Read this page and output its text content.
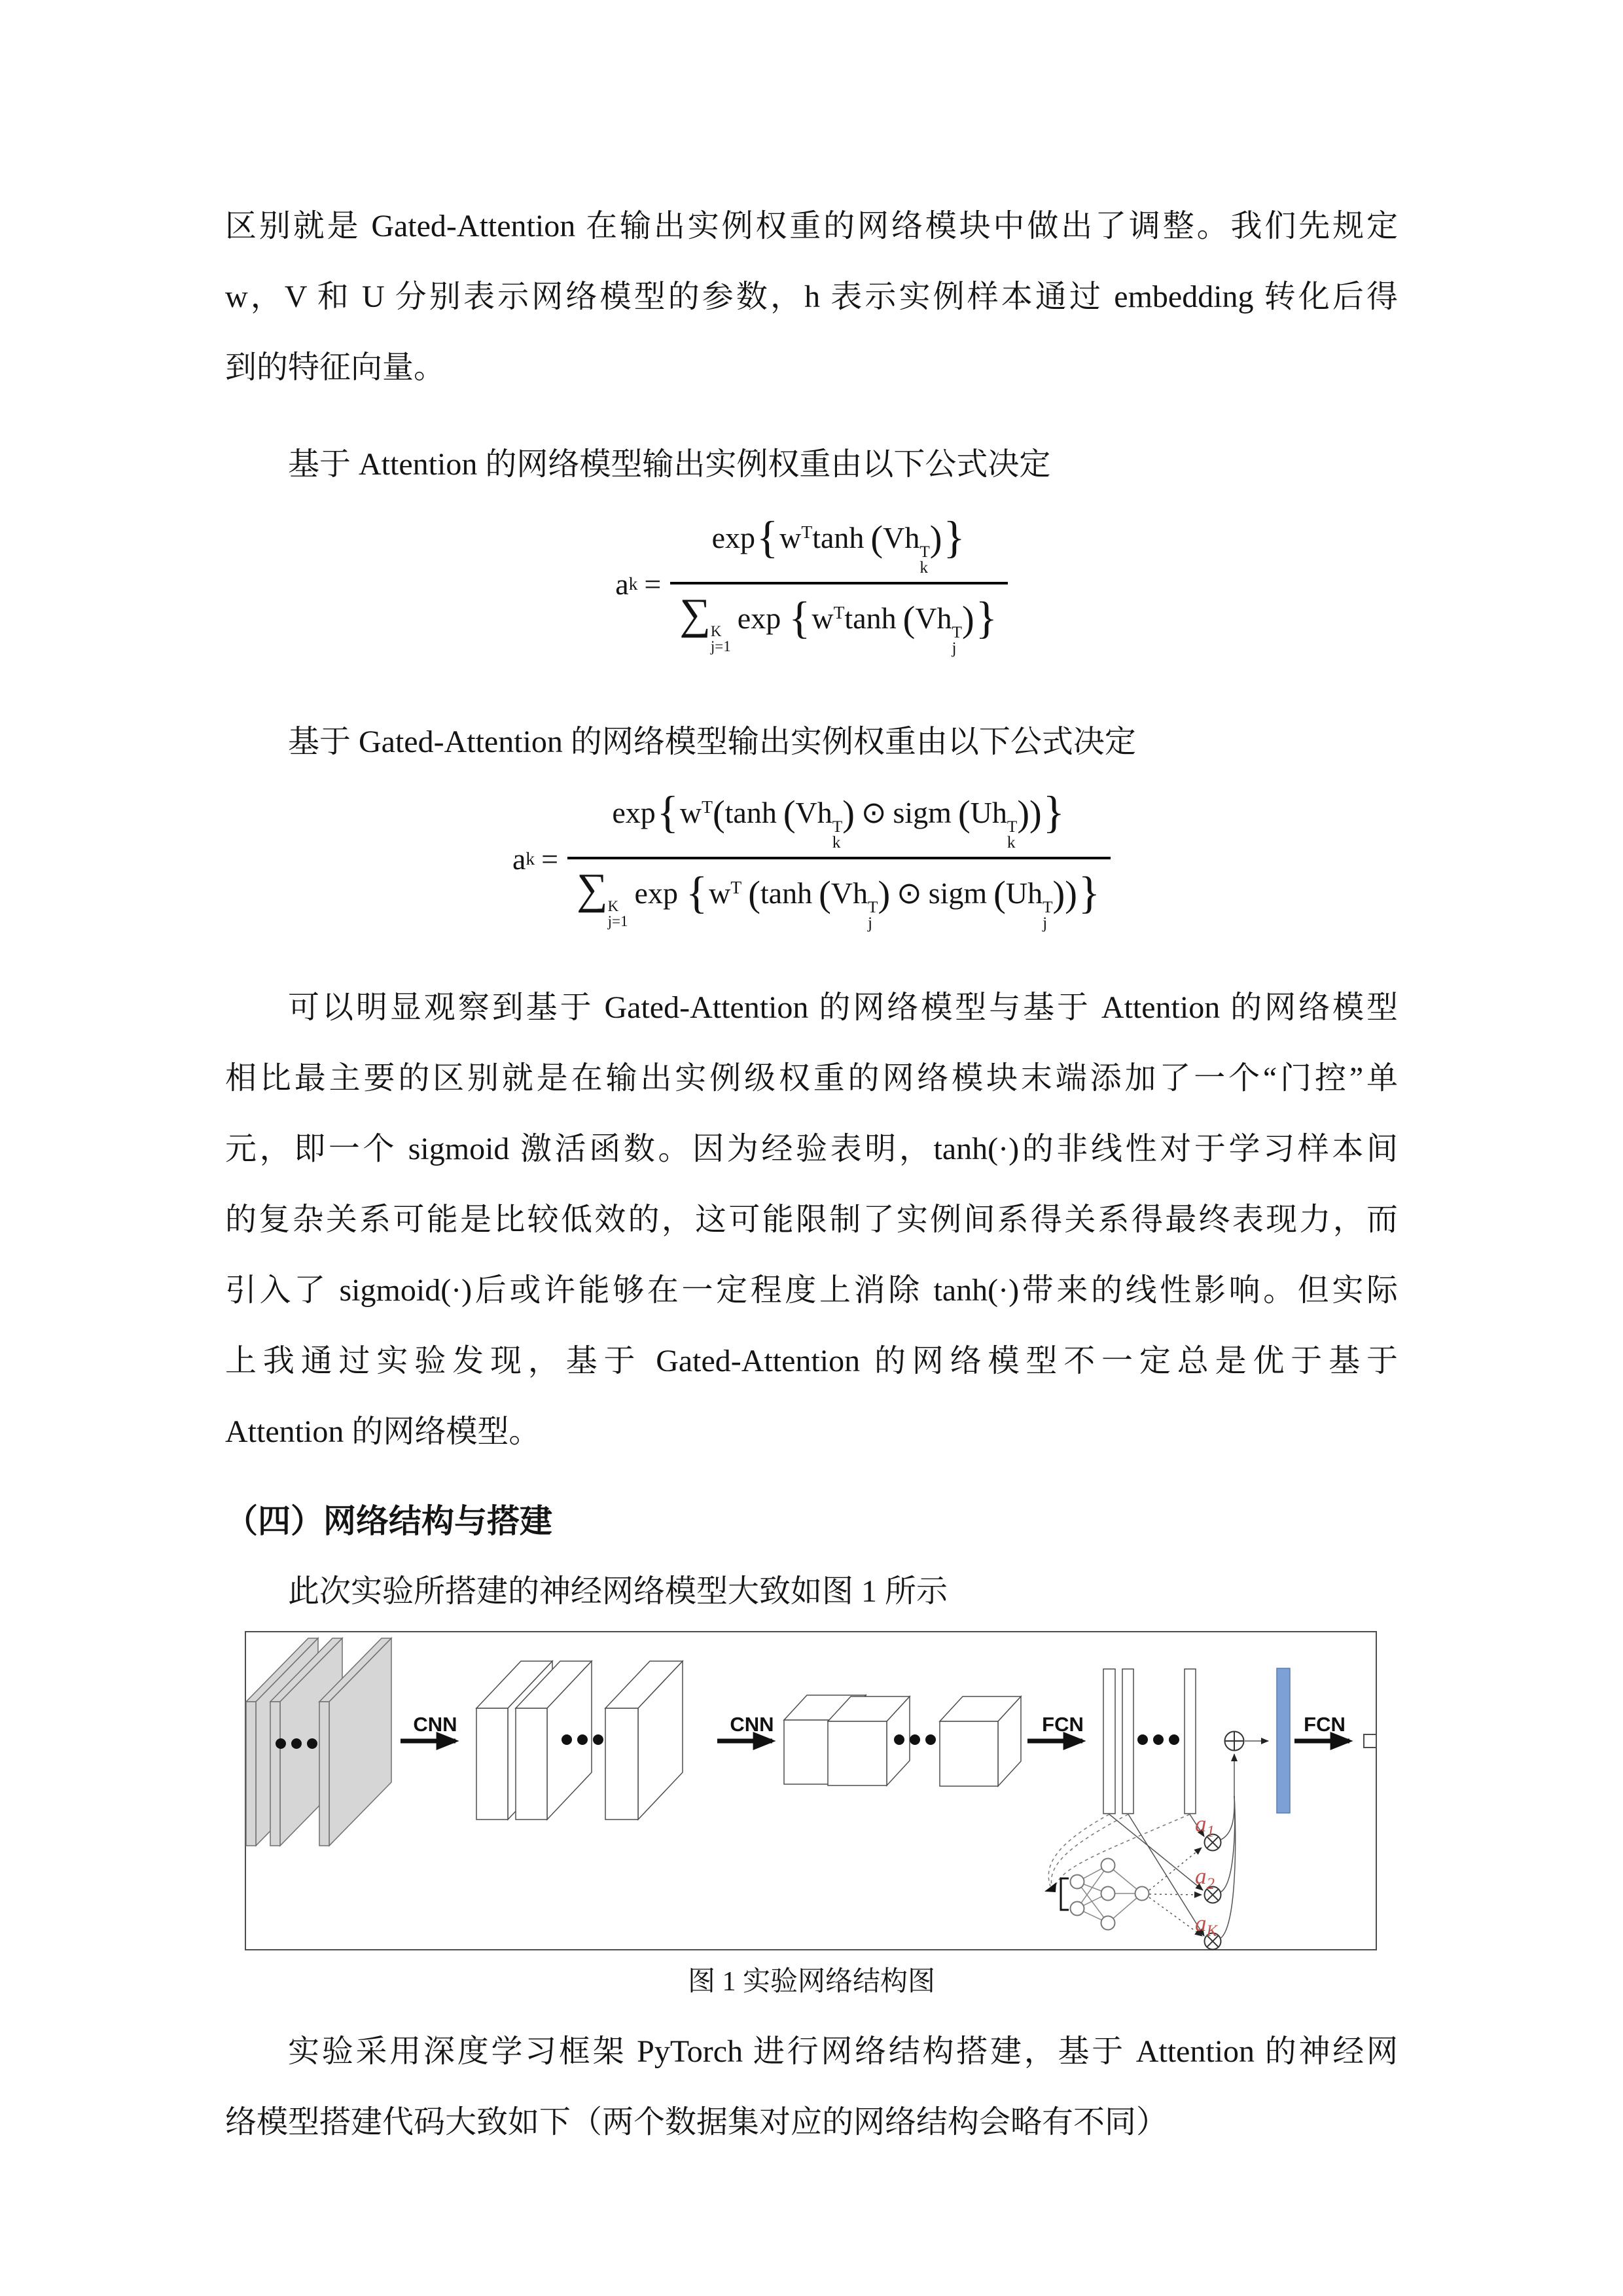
区别就是 Gated-Attention 在输出实例权重的网络模块中做出了调整。我们先规定

w，V 和 U 分别表示网络模型的参数，h 表示实例样本通过 embedding 转化后得

到的特征向量。

基于 Attention 的网络模型输出实例权重由以下公式决定

a $k = \exp\{w^T\tanh$ (Vh T
k
)}
∑ K
j=1
$\exp \{w^T\tanh$ (Vh T
j
)}

基于 Gated-Attention 的网络模型输出实例权重由以下公式决定

a $k = \exp\{w^T(\tanh$ (Vh T
k
) ⊙ sigm (Uh T
k
))}
∑ K
j=1
$\exp \{w^T$ (tanh (Vh T
j
) ⊙ sigm (Uh T
j
))}

可以明显观察到基于 Gated-Attention 的网络模型与基于 Attention 的网络模型

相比最主要的区别就是在输出实例级权重的网络模块末端添加了一个“门控”单

元，即一个 sigmoid 激活函数。因为经验表明，tanh(·)的非线性对于学习样本间

的复杂关系可能是比较低效的，这可能限制了实例间系得关系得最终表现力，而

引入了 sigmoid(·)后或许能够在一定程度上消除 tanh(·)带来的线性影响。但实际

上我通过实验发现，基于 Gated-Attention 的网络模型不一定总是优于基于

Attention 的网络模型。

（四）网络结构与搭建

此次实验所搭建的神经网络模型大致如图 1 所示

CNN	CNN	FCN
$a_1$
$a_2$
$a_K$
FCN
图 1 实验网络结构图

实验采用深度学习框架 PyTorch 进行网络结构搭建，基于 Attention 的神经网

络模型搭建代码大致如下（两个数据集对应的网络结构会略有不同）
